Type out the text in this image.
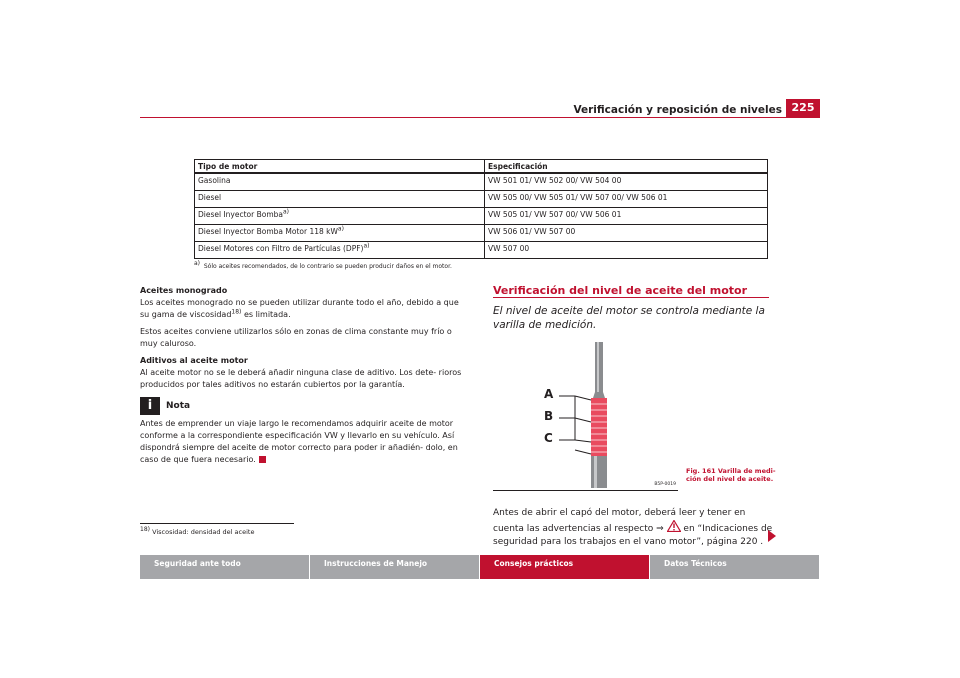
Verificación y reposición de niveles 225
Tipo de motor	Especificación
Gasolina	VW 501 01/ VW 502 00/ VW 504 00
Diesel	VW 505 00/ VW 505 01/ VW 507 00/ VW 506 01
Diesel Inyector Bomba$^{a)}$	VW 505 01/ VW 507 00/ VW 506 01
Diesel Inyector Bomba Motor 118 $kW^{a)}$	VW 506 01/ VW 507 00
Diesel Motores con Filtro de Partículas (DPF)$^{a)}$	VW 507 00
$^{a)}$ Sólo aceites recomendados, de lo contrario se pueden producir daños en el motor.

Aceites monogrado

Los aceites monogrado no se pueden utilizar durante todo el año, debido a que su gama de viscosidad$^{18)}$ es limitada.

Estos aceites conviene utilizarlos sólo en zonas de clima constante muy frío o muy caluroso.

Aditivos al aceite motor

Al aceite motor no se le deberá añadir ninguna clase de aditivo. Los dete- rioros producidos por tales aditivos no estarán cubiertos por la garantía.

i	Nota

Antes de emprender un viaje largo le recomendamos adquirir aceite de motor conforme a la correspondiente especificación VW y llevarlo en su vehículo. Así dispondrá siempre del aceite de motor correcto para poder ir añadién- dolo, en caso de que fuera necesario.

$^{18)}$ Viscosidad: densidad del aceite
Verificación del nivel de aceite del motor
El nivel de aceite del motor se controla mediante la varilla de medición.
A
B
C
B5P-0019
Fig. 161 Varilla de medi- ción del nivel de aceite.
Antes de abrir el capó del motor, deberá leer y tener en cuenta las advertencias al respecto ⇒  en “Indicaciones de seguridad para los trabajos en el vano motor”, página 220 .
Seguridad ante todo	Instrucciones de Manejo	Consejos prácticos	Datos Técnicos
